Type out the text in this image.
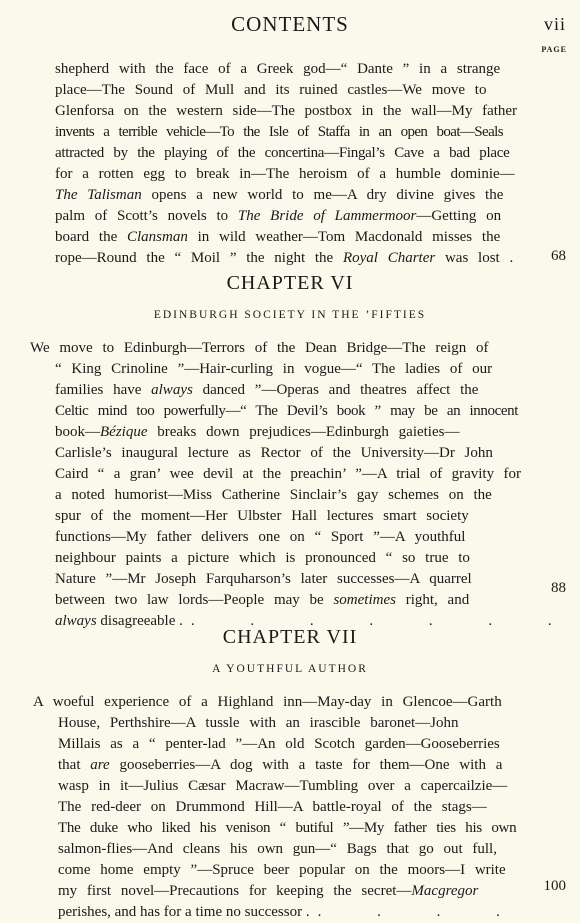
CONTENTS	vii
PAGE
shepherd with the face of a Greek god—“ Dante ” in a strange
place—The Sound of Mull and its ruined castles—We move to
Glenforsa on the western side—The postbox in the wall—My father
invents a terrible vehicle—To the Isle of Staffa in an open boat—Seals
attracted by the playing of the concertina—Fingal’s Cave a bad place
for a rotten egg to break in—The heroism of a humble dominie—
The Talisman opens a new world to me—A dry divine gives the
palm of Scott’s novels to The Bride of Lammermoor—Getting on
board the Clansman in wild weather—Tom Macdonald misses the
rope—Round the “ Moil ” the night the Royal Charter was lost .	68
CHAPTER VI
EDINBURGH SOCIETY IN THE ’FIFTIES
We move to Edinburgh—Terrors of the Dean Bridge—The reign of
“ King Crinoline ”—Hair-curling in vogue—“ The ladies of our
families have always danced ”—Operas and theatres affect the
Celtic mind too powerfully—“ The Devil’s book ” may be an innocent
book—Bézique breaks down prejudices—Edinburgh gaieties—
Carlisle’s inaugural lecture as Rector of the University—Dr John
Caird “ a gran’ wee devil at the preachin’ ”—A trial of gravity for
a noted humorist—Miss Catherine Sinclair’s gay schemes on the
spur of the moment—Her Ulbster Hall lectures smart society
functions—My father delivers one on “ Sport ”—A youthful
neighbour paints a picture which is pronounced “ so true to
Nature ”—Mr Joseph Farquharson’s later successes—A quarrel
between two law lords—People may be sometimes right, and
always disagreeable . . . . . . . .
88
CHAPTER VII
A YOUTHFUL AUTHOR
A woeful experience of a Highland inn—May-day in Glencoe—Garth
House, Perthshire—A tussle with an irascible baronet—John
Millais as a “ penter-lad ”—An old Scotch garden—Gooseberries
that are gooseberries—A dog with a taste for them—One with a
wasp in it—Julius Cæsar Macraw—Tumbling over a capercailzie—
The red-deer on Drummond Hill—A battle-royal of the stags—
The duke who liked his venison “ butiful ”—My father ties his own
salmon-flies—And cleans his own gun—“ Bags that go out full,
come home empty ”—Spruce beer popular on the moors—I write
my first novel—Precautions for keeping the secret—Macgregor
perishes, and has for a time no successor . . . . .
100
